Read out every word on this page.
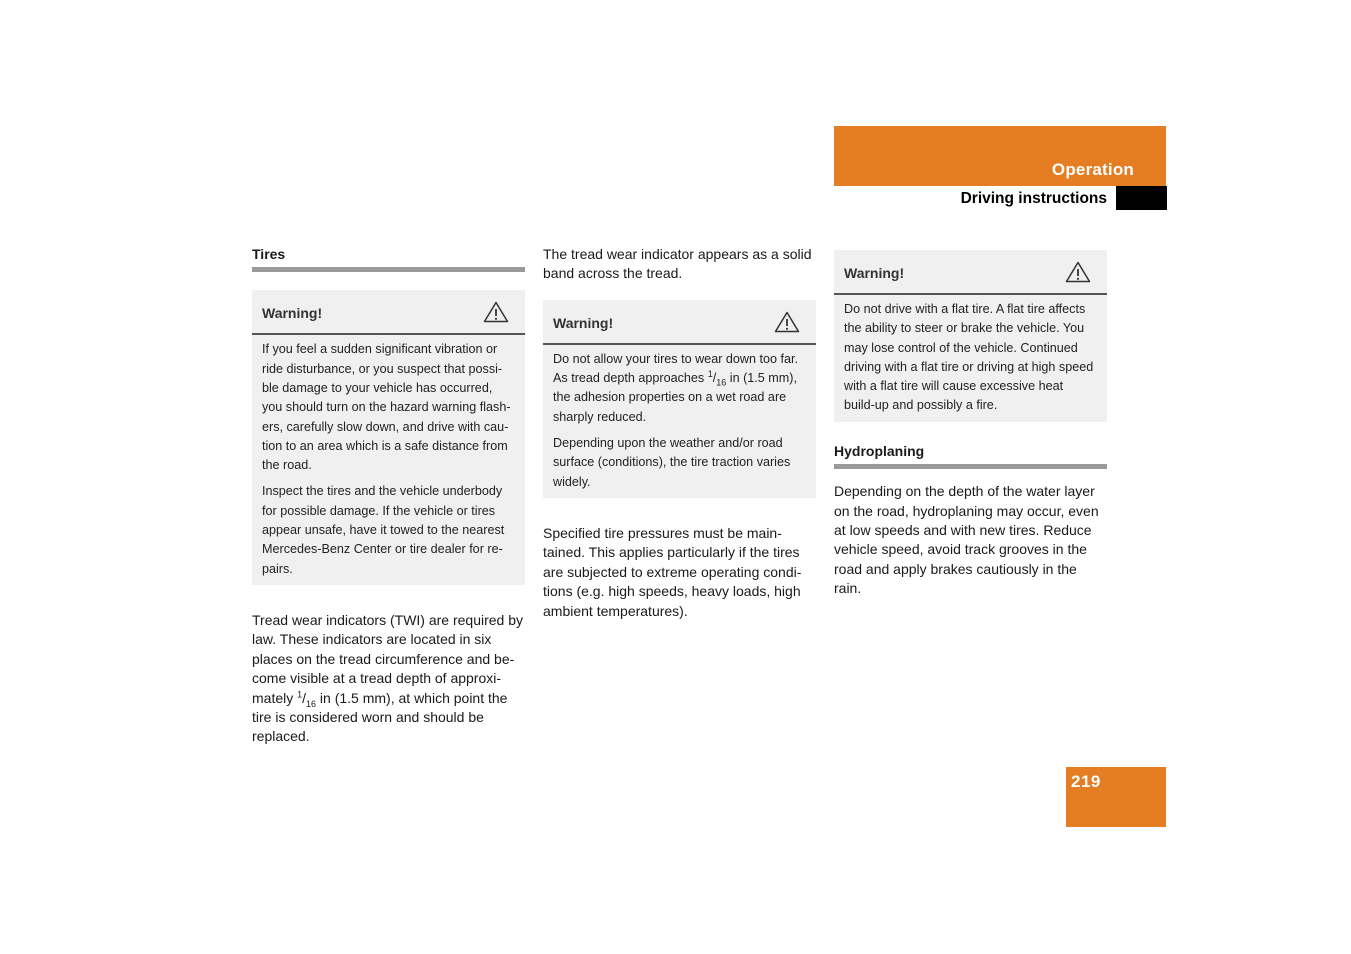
Operation
Driving instructions
Tires
Warning!

If you feel a sudden significant vibration or ride disturbance, or you suspect that possi-ble damage to your vehicle has occurred, you should turn on the hazard warning flash-ers, carefully slow down, and drive with cau-tion to an area which is a safe distance from the road.

Inspect the tires and the vehicle underbody for possible damage. If the vehicle or tires appear unsafe, have it towed to the nearest Mercedes-Benz Center or tire dealer for re-pairs.

Tread wear indicators (TWI) are required by law. These indicators are located in six places on the tread circumference and be-come visible at a tread depth of approxi-mately $^1/_{16}$ in (1.5 mm), at which point the tire is considered worn and should be replaced.

The tread wear indicator appears as a solid band across the tread.

Warning!

Do not allow your tires to wear down too far. As tread depth approaches $^1/_{16}$ in (1.5 mm), the adhesion properties on a wet road are sharply reduced.

Depending upon the weather and/or road surface (conditions), the tire traction varies widely.

Specified tire pressures must be main-tained. This applies particularly if the tires are subjected to extreme operating condi-tions (e.g. high speeds, heavy loads, high ambient temperatures).

Warning!

Do not drive with a flat tire. A flat tire affects the ability to steer or brake the vehicle. You may lose control of the vehicle. Continued driving with a flat tire or driving at high speed with a flat tire will cause excessive heat build-up and possibly a fire.

Hydroplaning

Depending on the depth of the water layer on the road, hydroplaning may occur, even at low speeds and with new tires. Reduce vehicle speed, avoid track grooves in the road and apply brakes cautiously in the rain.

219
